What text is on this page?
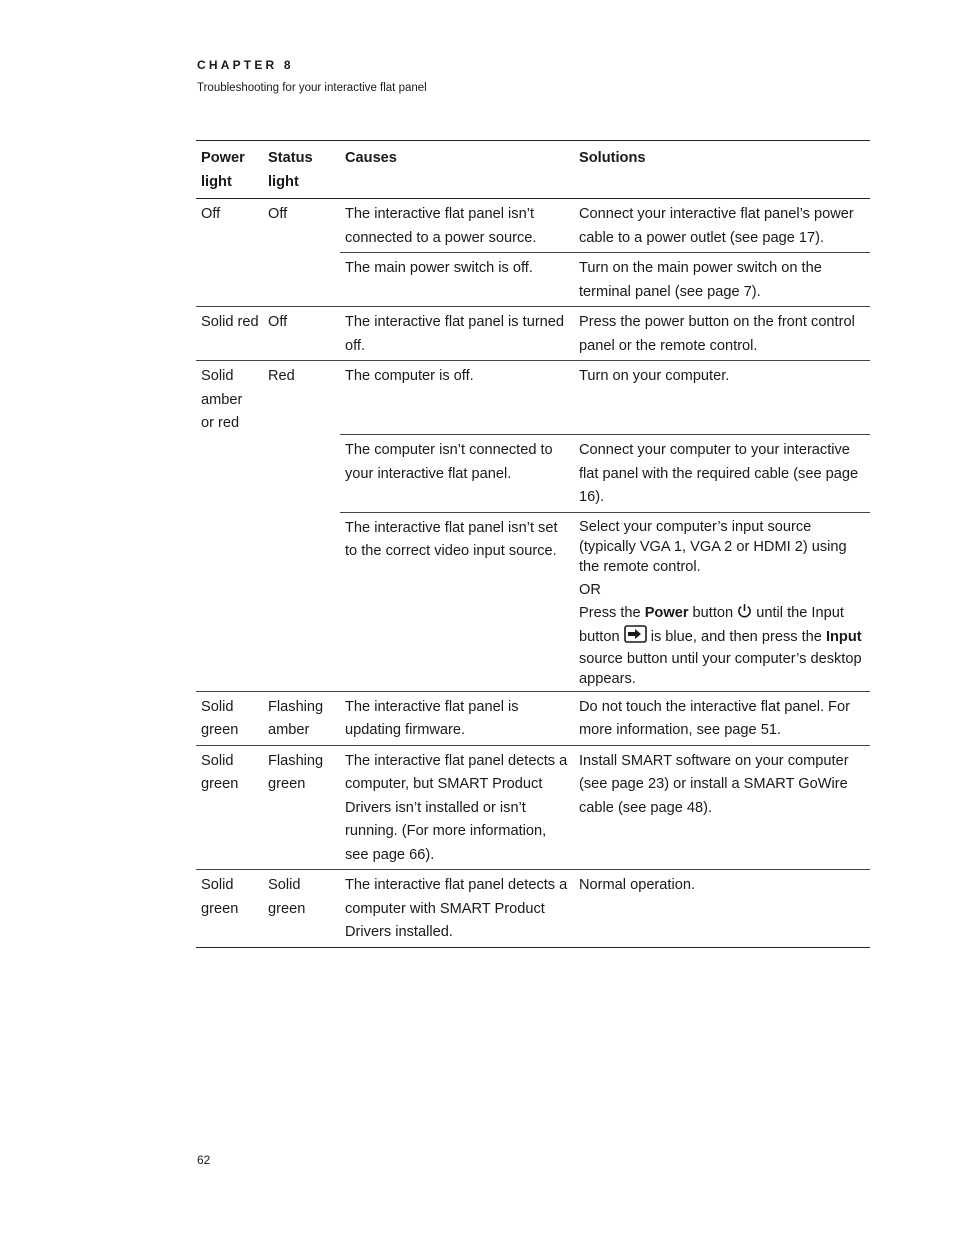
CHAPTER 8
Troubleshooting for your interactive flat panel
Power light	Status light	Causes	Solutions
Off	Off	The interactive flat panel isn’t connected to a power source.	Connect your interactive flat panel’s power cable to a power outlet (see page 17).
		The main power switch is off.	Turn on the main power switch on the terminal panel (see page 7).
Solid red	Off	The interactive flat panel is turned off.	Press the power button on the front control panel or the remote control.
Solid amber or red	Red	The computer is off.	Turn on your computer.
		The computer isn’t connected to your interactive flat panel.	Connect your computer to your interactive flat panel with the required cable (see page 16).
		The interactive flat panel isn’t set to the correct video input source.	Select your computer’s input source (typically VGA 1, VGA 2 or HDMI 2) using the remote control.

OR

Press the Power button  until the Input button  is blue, and then press the Input source button until your computer’s desktop appears.

Solid green	Flashing amber	The interactive flat panel is updating firmware.	Do not touch the interactive flat panel. For more information, see page 51.
Solid green	Flashing green	The interactive flat panel detects a computer, but SMART Product Drivers isn’t installed or isn’t running. (For more information, see page 66).	Install SMART software on your computer (see page 23) or install a SMART GoWire cable (see page 48).
Solid green	Solid green	The interactive flat panel detects a computer with SMART Product Drivers installed.	Normal operation.
62
